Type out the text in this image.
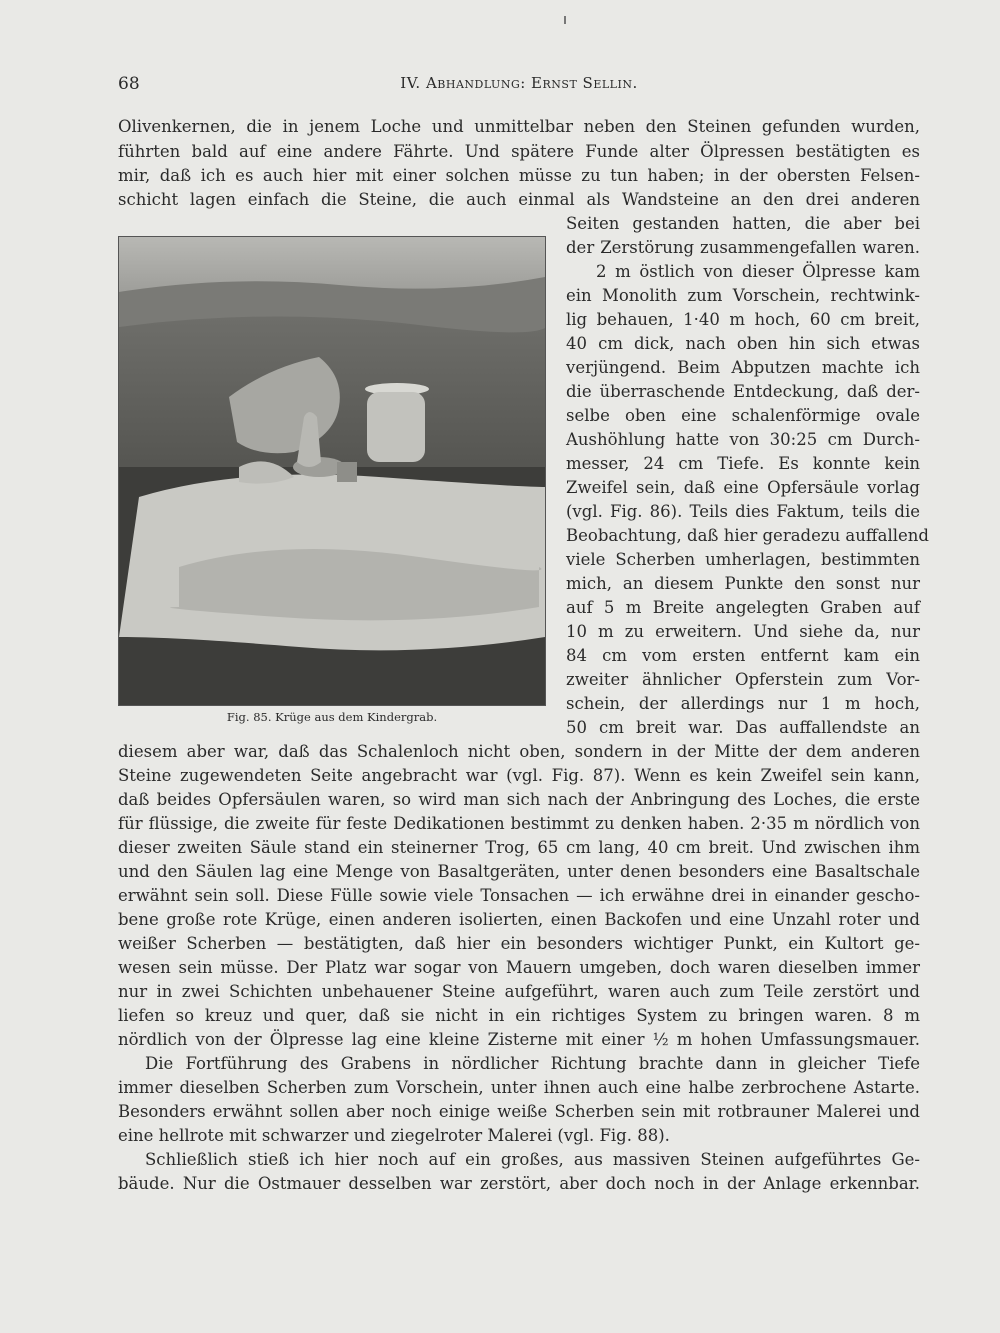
68	IV. Abhandlung: Ernst Sellin.
Fig. 85. Krüge aus dem Kindergrab.
Olivenkernen, die in jenem Loche und unmittelbar neben den Steinen gefunden wurden,
führten bald auf eine andere Fährte. Und spätere Funde alter Ölpressen bestätigten es
mir, daß ich es auch hier mit einer solchen müsse zu tun haben; in der obersten Felsen-
schicht lagen einfach die Steine, die auch einmal als Wandsteine an den drei anderen
Seiten gestanden hatten, die aber bei
der Zerstörung zusammengefallen waren.
2 m östlich von dieser Ölpresse kam
ein Monolith zum Vorschein, rechtwink-
lig behauen, 1·40 m hoch, 60 cm breit,
40 cm dick, nach oben hin sich etwas
verjüngend. Beim Abputzen machte ich
die überraschende Entdeckung, daß der-
selbe oben eine schalenförmige ovale
Aushöhlung hatte von 30:25 cm Durch-
messer, 24 cm Tiefe. Es konnte kein
Zweifel sein, daß eine Opfersäule vorlag
(vgl. Fig. 86). Teils dies Faktum, teils die
Beobachtung, daß hier geradezu auffallend
viele Scherben umherlagen, bestimmten
mich, an diesem Punkte den sonst nur
auf 5 m Breite angelegten Graben auf
10 m zu erweitern. Und siehe da, nur
84 cm vom ersten entfernt kam ein
zweiter ähnlicher Opferstein zum Vor-
schein, der allerdings nur 1 m hoch,
50 cm breit war. Das auffallendste an
diesem aber war, daß das Schalenloch nicht oben, sondern in der Mitte der dem anderen
Steine zugewendeten Seite angebracht war (vgl. Fig. 87). Wenn es kein Zweifel sein kann,
daß beides Opfersäulen waren, so wird man sich nach der Anbringung des Loches, die erste
für flüssige, die zweite für feste Dedikationen bestimmt zu denken haben. 2·35 m nördlich von
dieser zweiten Säule stand ein steinerner Trog, 65 cm lang, 40 cm breit. Und zwischen ihm
und den Säulen lag eine Menge von Basaltgeräten, unter denen besonders eine Basaltschale
erwähnt sein soll. Diese Fülle sowie viele Tonsachen — ich erwähne drei in einander gescho-
bene große rote Krüge, einen anderen isolierten, einen Backofen und eine Unzahl roter und
weißer Scherben — bestätigten, daß hier ein besonders wichtiger Punkt, ein Kultort ge-
wesen sein müsse. Der Platz war sogar von Mauern umgeben, doch waren dieselben immer
nur in zwei Schichten unbehauener Steine aufgeführt, waren auch zum Teile zerstört und
liefen so kreuz und quer, daß sie nicht in ein richtiges System zu bringen waren. 8 m
nördlich von der Ölpresse lag eine kleine Zisterne mit einer ½ m hohen Umfassungsmauer.
Die Fortführung des Grabens in nördlicher Richtung brachte dann in gleicher Tiefe
immer dieselben Scherben zum Vorschein, unter ihnen auch eine halbe zerbrochene Astarte.
Besonders erwähnt sollen aber noch einige weiße Scherben sein mit rotbrauner Malerei und
eine hellrote mit schwarzer und ziegelroter Malerei (vgl. Fig. 88).
Schließlich stieß ich hier noch auf ein großes, aus massiven Steinen aufgeführtes Ge-
bäude. Nur die Ostmauer desselben war zerstört, aber doch noch in der Anlage erkennbar.
